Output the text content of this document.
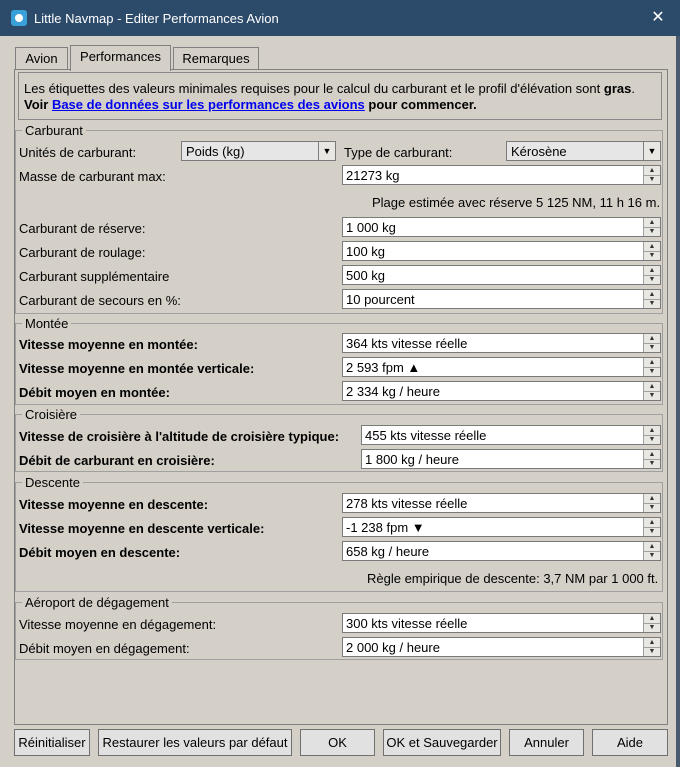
Little Navmap - Editer Performances Avion	✕
Avion	Performances	Remarques
Les étiquettes des valeurs minimales requises pour le calcul du carburant et le profil d'élévation sont gras.
Voir Base de données sur les performances des avions pour commencer.
Carburant
Unités de carburant:	Poids (kg)	▼ Type de carburant:	Kérosène	▼
Masse de carburant max:	21273 kg	▲
▼
Plage estimée avec réserve 5 125 NM, 11 h 16 m.
Carburant de réserve:	1 000 kg	▲
▼
Carburant de roulage:	100 kg	▲
▼
Carburant supplémentaire	500 kg	▲
▼
Carburant de secours en %:	10 pourcent	▲
▼
Montée
Vitesse moyenne en montée:	364 kts vitesse réelle	▲
▼
Vitesse moyenne en montée verticale:	2 593 fpm ▲	▲
▼
Débit moyen en montée:	2 334 kg / heure	▲
▼
Croisière
Vitesse de croisière à l'altitude de croisière typique: 455 kts vitesse réelle	▲
▼
Débit de carburant en croisière:	1 800 kg / heure	▲
▼
Descente
Vitesse moyenne en descente:	278 kts vitesse réelle	▲
▼
Vitesse moyenne en descente verticale:	-1 238 fpm ▼	▲
▼
Débit moyen en descente:	658 kg / heure	▲
▼
Règle empirique de descente: 3,7 NM par 1 000 ft.
Aéroport de dégagement
Vitesse moyenne en dégagement:	300 kts vitesse réelle	▲
▼
Débit moyen en dégagement:	2 000 kg / heure	▲
▼
Réinitialiser	Restaurer les valeurs par défaut	OK	OK et Sauvegarder	Annuler	Aide
